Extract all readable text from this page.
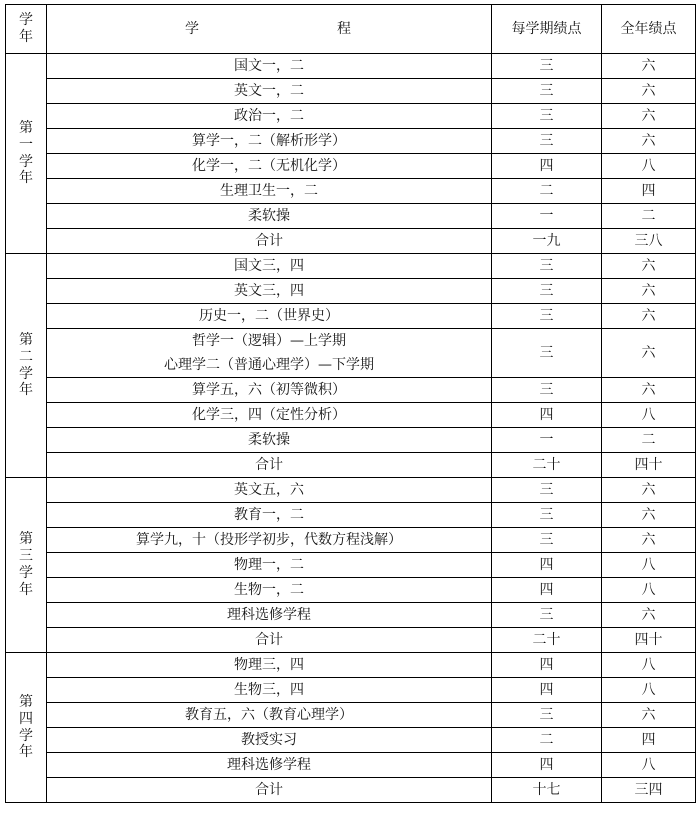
学
年	学 程	每学期绩点	全年绩点

第
一
学
年	国文一，二	三	六

	英文一，二	三	六

	政治一，二	三	六

	算学一，二（解析形学）	三	六

	化学一，二（无机化学）	四	八

	生理卫生一，二	二	四

	柔软操	一	二

	合计	一九	三八

第
二
学
年	国文三，四	三	六

	英文三，四	三	六

	历史一，二（世界史）	三	六

	哲学一（逻辑）—上学期
心理学二（普通心理学）—下学期	三	六

	算学五，六（初等微积）	三	六

	化学三，四（定性分析）	四	八

	柔软操	一	二

	合计	二十	四十

第
三
学
年	英文五，六	三	六

	教育一，二	三	六

	算学九，十（投形学初步，代数方程浅解）	三	六

	物理一，二	四	八

	生物一，二	四	八

	理科选修学程	三	六

	合计	二十	四十

第
四
学
年	物理三，四	四	八

	生物三，四	四	八

	教育五，六（教育心理学）	三	六

	教授实习	二	四

	理科选修学程	四	八

	合计	十七	三四
